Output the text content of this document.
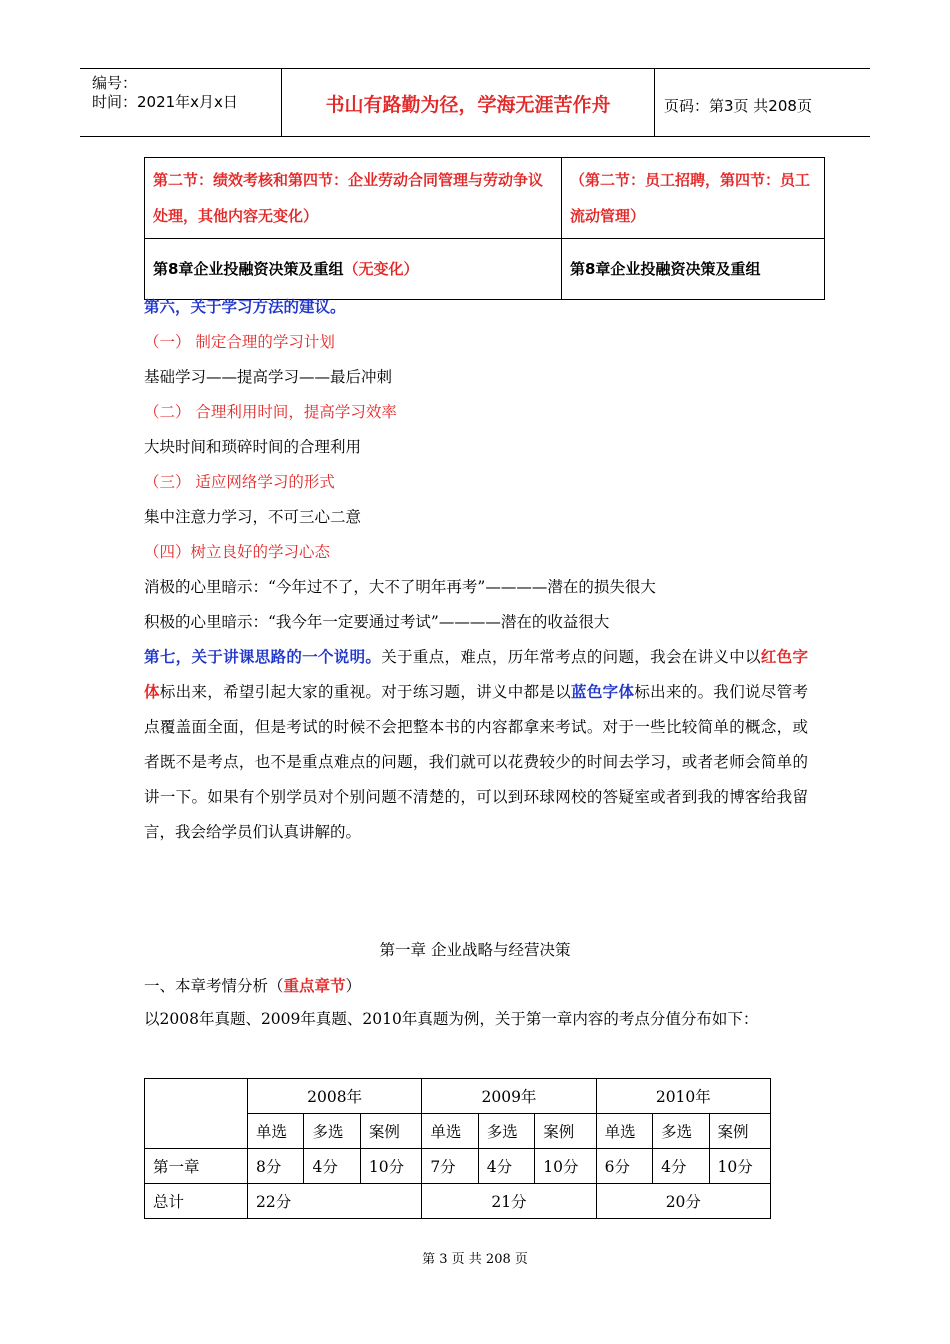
编号：
时间：2021年x月x日	书山有路勤为径，学海无涯苦作舟	页码：第3页 共208页
第二节：绩效考核和第四节：企业劳动合同管理与劳动争议处理，其他内容无变化）	（第二节：员工招聘，第四节：员工流动管理）
第8章企业投融资决策及重组（无变化）	第8章企业投融资决策及重组
第六，关于学习方法的建议。
（一） 制定合理的学习计划
基础学习——提高学习——最后冲刺
（二） 合理利用时间，提高学习效率
大块时间和琐碎时间的合理利用
（三） 适应网络学习的形式
集中注意力学习，不可三心二意
（四）树立良好的学习心态
消极的心里暗示：“今年过不了，大不了明年再考”————潜在的损失很大
积极的心里暗示：“我今年一定要通过考试”————潜在的收益很大
第七，关于讲课思路的一个说明。关于重点，难点，历年常考点的问题，我会在讲义中以红色字体标出来，希望引起大家的重视。对于练习题，讲义中都是以蓝色字体标出来的。我们说尽管考点覆盖面全面，但是考试的时候不会把整本书的内容都拿来考试。对于一些比较简单的概念，或者既不是考点，也不是重点难点的问题，我们就可以花费较少的时间去学习，或者老师会简单的讲一下。如果有个别学员对个别问题不清楚的，可以到环球网校的答疑室或者到我的博客给我留言，我会给学员们认真讲解的。
第一章 企业战略与经营决策
一、本章考情分析（重点章节）
以2008年真题、2009年真题、2010年真题为例，关于第一章内容的考点分值分布如下：
	2008年			2009年			2010年		
	单选	多选	案例	单选	多选	案例	单选	多选	案例
第一章	8分	4分	10分	7分	4分	10分	6分	4分	10分
总计	22分			21分			20分		
第 3 页 共 208 页
